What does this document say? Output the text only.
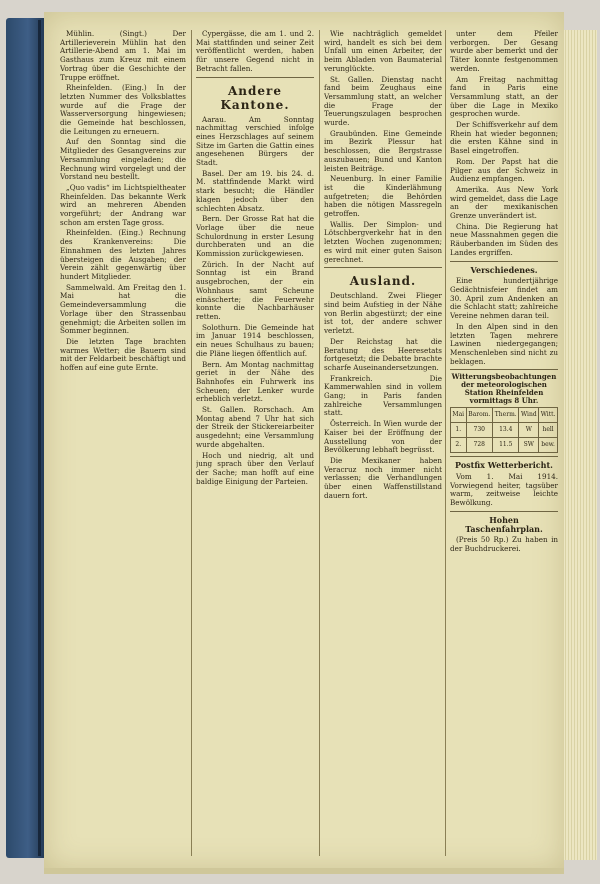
Mühlin. (Singt.) Der Artillerieverein Mühlin hat den Artillerie-Abend am 1. Mai im Gasthaus zum Kreuz mit einem Vortrag über die Geschichte der Truppe eröffnet.

Rheinfelden. (Eing.) In der letzten Nummer des Volksblattes wurde auf die Frage der Wasserversorgung hingewiesen; die Gemeinde hat beschlossen, die Leitungen zu erneuern.

Auf den Sonntag sind die Mitglieder des Gesangvereins zur Versammlung eingeladen; die Rechnung wird vorgelegt und der Vorstand neu bestellt.

„Quo vadis“ im Lichtspieltheater Rheinfelden. Das bekannte Werk wird an mehreren Abenden vorgeführt; der Andrang war schon am ersten Tage gross.

Rheinfelden. (Eing.) Rechnung des Krankenvereins: Die Einnahmen des letzten Jahres übersteigen die Ausgaben; der Verein zählt gegenwärtig über hundert Mitglieder.

Sammelwald. Am Freitag den 1. Mai hat die Gemeindeversammlung die Vorlage über den Strassenbau genehmigt; die Arbeiten sollen im Sommer beginnen.

Die letzten Tage brachten warmes Wetter; die Bauern sind mit der Feldarbeit beschäftigt und hoffen auf eine gute Ernte.

Cypergässe, die am 1. und 2. Mai stattfinden und seiner Zeit veröffentlicht werden, haben für unsere Gegend nicht in Betracht fallen.

Andere Kantone.

Aarau. Am Sonntag nachmittag verschied infolge eines Herzschlages auf seinem Sitze im Garten die Gattin eines angesehenen Bürgers der Stadt.

Basel. Der am 19. bis 24. d. M. stattfindende Markt wird stark besucht; die Händler klagen jedoch über den schlechten Absatz.

Bern. Der Grosse Rat hat die Vorlage über die neue Schulordnung in erster Lesung durchberaten und an die Kommission zurückgewiesen.

Zürich. In der Nacht auf Sonntag ist ein Brand ausgebrochen, der ein Wohnhaus samt Scheune einäscherte; die Feuerwehr konnte die Nachbarhäuser retten.

Solothurn. Die Gemeinde hat im Januar 1914 beschlossen, ein neues Schulhaus zu bauen; die Pläne liegen öffentlich auf.

Bern. Am Montag nachmittag geriet in der Nähe des Bahnhofes ein Fuhrwerk ins Scheuen; der Lenker wurde erheblich verletzt.

St. Gallen. Rorschach. Am Montag abend 7 Uhr hat sich der Streik der Stickereiarbeiter ausgedehnt; eine Versammlung wurde abgehalten.

Hoch und niedrig, alt und jung sprach über den Verlauf der Sache; man hofft auf eine baldige Einigung der Parteien.

Wie nachträglich gemeldet wird, handelt es sich bei dem Unfall um einen Arbeiter, der beim Abladen von Baumaterial verunglückte.

St. Gallen. Dienstag nacht fand beim Zeughaus eine Versammlung statt, an welcher die Frage der Teuerungszulagen besprochen wurde.

Graubünden. Eine Gemeinde im Bezirk Plessur hat beschlossen, die Bergstrasse auszubauen; Bund und Kanton leisten Beiträge.

Neuenburg. In einer Familie ist die Kinderlähmung aufgetreten; die Behörden haben die nötigen Massregeln getroffen.

Wallis. Der Simplon- und Lötschbergverkehr hat in den letzten Wochen zugenommen; es wird mit einer guten Saison gerechnet.

Ausland.

Deutschland. Zwei Flieger sind beim Aufstieg in der Nähe von Berlin abgestürzt; der eine ist tot, der andere schwer verletzt.

Der Reichstag hat die Beratung des Heeresetats fortgesetzt; die Debatte brachte scharfe Auseinandersetzungen.

Frankreich. Die Kammerwahlen sind in vollem Gang; in Paris fanden zahlreiche Versammlungen statt.

Österreich. In Wien wurde der Kaiser bei der Eröffnung der Ausstellung von der Bevölkerung lebhaft begrüsst.

Die Mexikaner haben Veracruz noch immer nicht verlassen; die Verhandlungen über einen Waffenstillstand dauern fort.

unter dem Pfeiler verborgen. Der Gesang wurde aber bemerkt und der Täter konnte festgenommen werden.

Am Freitag nachmittag fand in Paris eine Versammlung statt, an der über die Lage in Mexiko gesprochen wurde.

Der Schiffsverkehr auf dem Rhein hat wieder begonnen; die ersten Kähne sind in Basel eingetroffen.

Rom. Der Papst hat die Pilger aus der Schweiz in Audienz empfangen.

Amerika. Aus New York wird gemeldet, dass die Lage an der mexikanischen Grenze unverändert ist.

China. Die Regierung hat neue Massnahmen gegen die Räuberbanden im Süden des Landes ergriffen.

Verschiedenes.

Eine hundertjährige Gedächtnisfeier findet am 30. April zum Andenken an die Schlacht statt; zahlreiche Vereine nehmen daran teil.

In den Alpen sind in den letzten Tagen mehrere Lawinen niedergegangen; Menschenleben sind nicht zu beklagen.

Witterungsbeobachtungen der meteorologischen Station Rheinfelden vormittags 8 Uhr.
Mai	Barom.	Therm.	Wind	Witt.
1.	730	13.4	W	hell
2.	728	11.5	SW	bew.
Postfix Wetterbericht.

Vom 1. Mai 1914. Vorwiegend heiter, tagsüber warm, zeitweise leichte Bewölkung.

Hohen Taschenfahrplan.

(Preis 50 Rp.) Zu haben in der Buchdruckerei.
